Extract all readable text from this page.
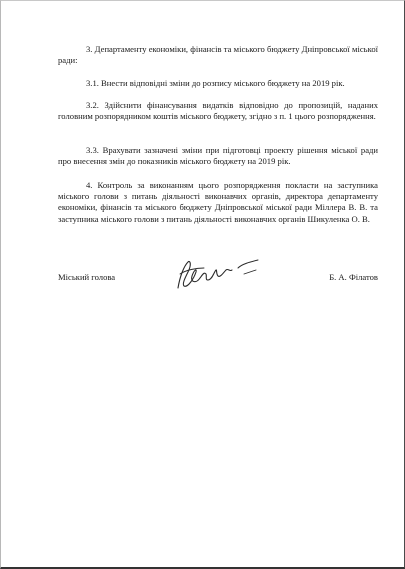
3. Департаменту економіки, фінансів та міського бюджету Дніпровської міської ради:

3.1. Внести відповідні зміни до розпису міського бюджету на 2019 рік.

3.2. Здійснити фінансування видатків відповідно до пропозицій, наданих головним розпорядником коштів міського бюджету, згідно з п. 1 цього розпорядження.

3.3. Врахувати зазначені зміни при підготовці проекту рішення міської ради про внесення змін до показників міського бюджету на 2019 рік.

4. Контроль за виконанням цього розпорядження покласти на заступника міського голови з питань діяльності виконавчих органів, директора департаменту економіки, фінансів та міського бюджету Дніпровської міської ради Міллера В. В. та заступника міського голови з питань діяльності виконавчих органів Шикуленка О. В.

Міський голова	Б. А. Філатов
